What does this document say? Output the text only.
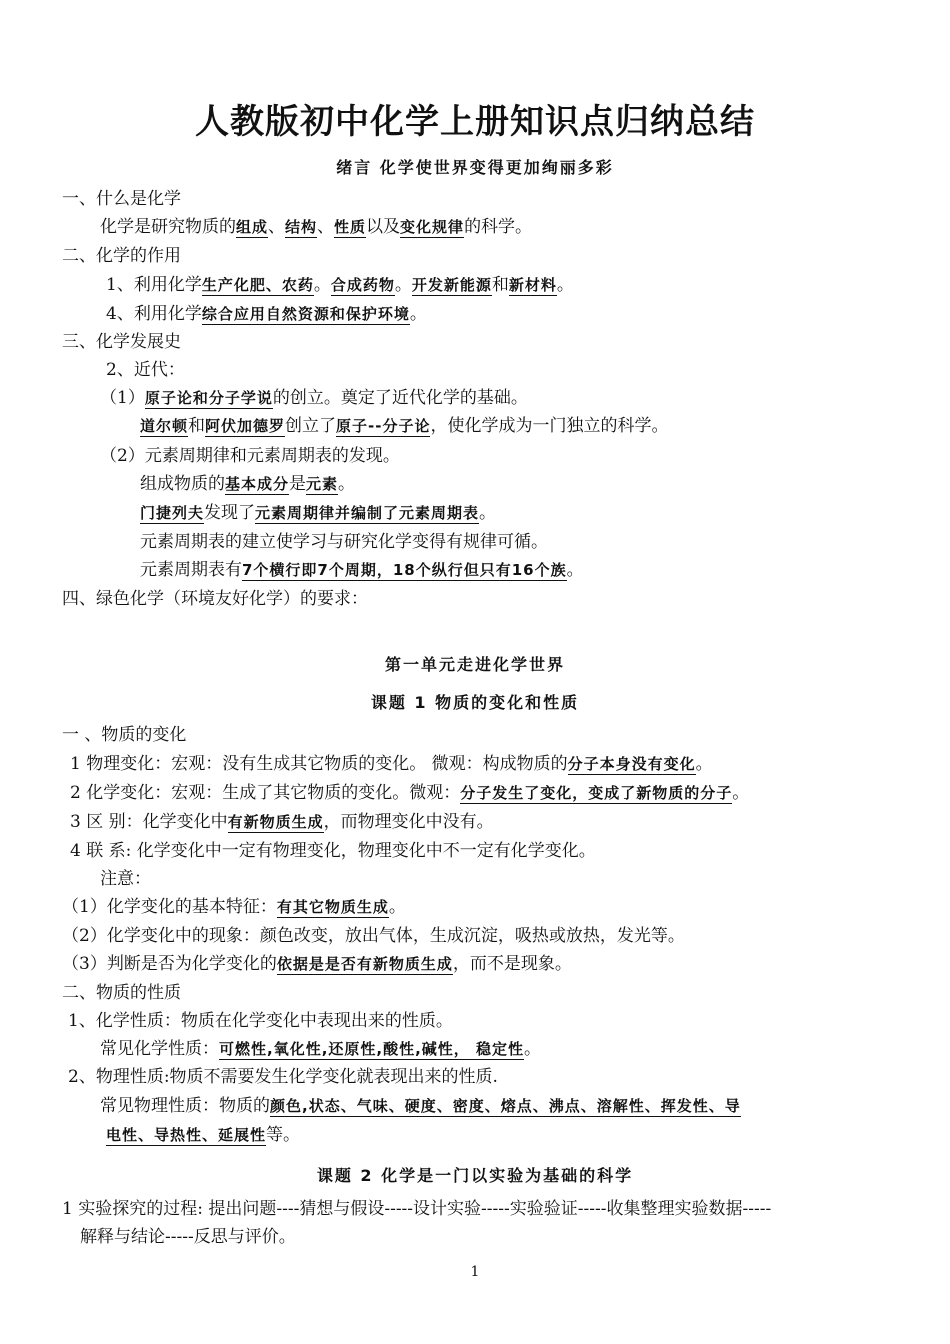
人教版初中化学上册知识点归纳总结
绪言 化学使世界变得更加绚丽多彩
一、什么是化学
化学是研究物质的组成、结构、性质以及变化规律的科学。
二、化学的作用
1、利用化学生产化肥、农药。合成药物。开发新能源和新材料。
4、利用化学综合应用自然资源和保护环境。
三、化学发展史
2、近代：
（1）原子论和分子学说的创立。奠定了近代化学的基础。
道尔顿和阿伏加德罗创立了原子--分子论，使化学成为一门独立的科学。
（2）元素周期律和元素周期表的发现。
组成物质的基本成分是元素。
门捷列夫发现了元素周期律并编制了元素周期表。
元素周期表的建立使学习与研究化学变得有规律可循。
元素周期表有7个横行即7个周期，18个纵行但只有16个族。
四、绿色化学（环境友好化学）的要求：
第一单元走进化学世界
课题 1 物质的变化和性质
一 、物质的变化
1 物理变化：宏观：没有生成其它物质的变化。 微观：构成物质的分子本身没有变化。
2 化学变化：宏观：生成了其它物质的变化。微观：分子发生了变化，变成了新物质的分子。
3 区 别：化学变化中有新物质生成，而物理变化中没有。
4 联 系: 化学变化中一定有物理变化，物理变化中不一定有化学变化。
注意：
（1）化学变化的基本特征：有其它物质生成。
（2）化学变化中的现象：颜色改变，放出气体，生成沉淀，吸热或放热，发光等。
（3）判断是否为化学变化的依据是是否有新物质生成，而不是现象。
二、物质的性质
1、化学性质：物质在化学变化中表现出来的性质。
常见化学性质：可燃性,氧化性,还原性,酸性,碱性， 稳定性。
2、物理性质:物质不需要发生化学变化就表现出来的性质.
常见物理性质：物质的颜色,状态、气味、硬度、密度、熔点、沸点、溶解性、挥发性、导
电性、导热性、延展性等。
课题 2 化学是一门以实验为基础的科学
1 实验探究的过程: 提出问题----猜想与假设-----设计实验-----实验验证-----收集整理实验数据-----
解释与结论-----反思与评价。
1
